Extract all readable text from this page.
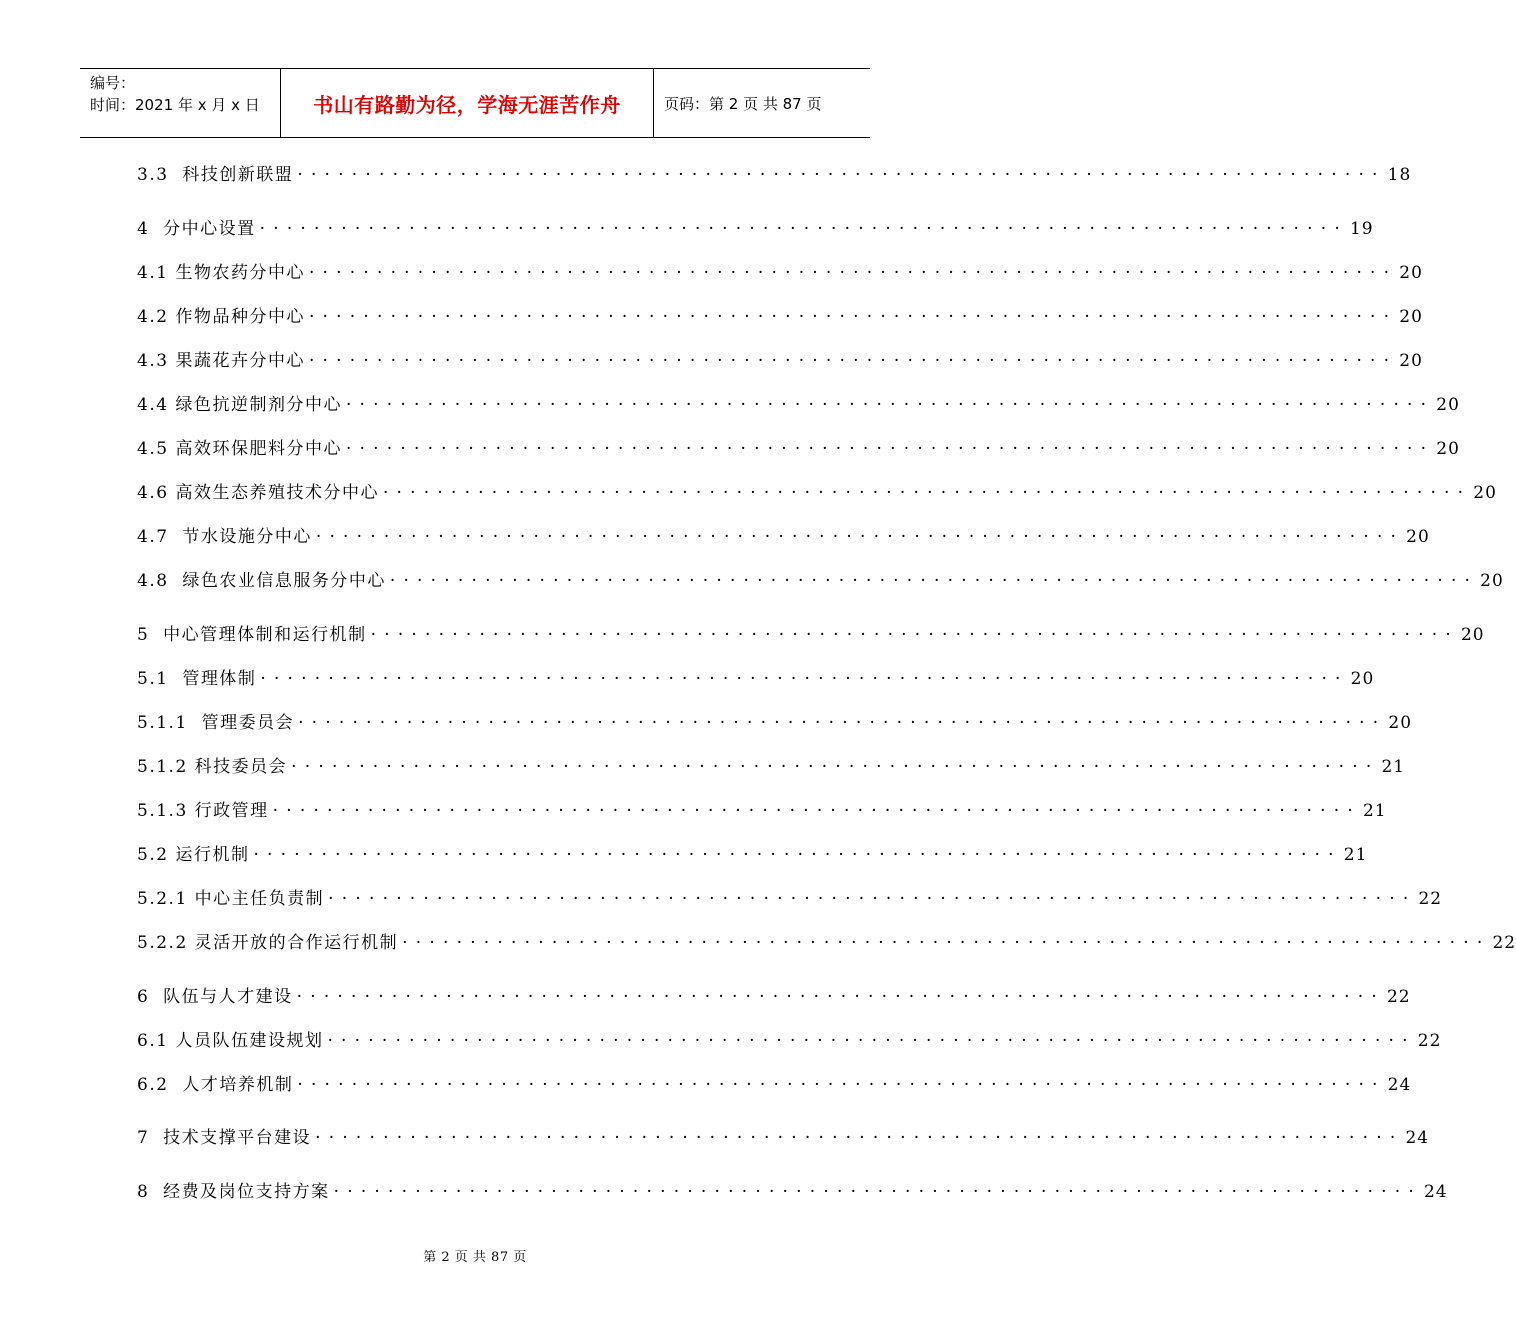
编号：
时间：2021 年 x 月 x 日	书山有路勤为径，学海无涯苦作舟	页码：第 2 页 共 87 页
3.3  科技创新联盟 ················································································ 18
4  分中心设置 ················································································ 19
4.1 生物农药分中心 ················································································ 20
4.2 作物品种分中心 ················································································ 20
4.3 果蔬花卉分中心 ················································································ 20
4.4 绿色抗逆制剂分中心 ················································································ 20
4.5 高效环保肥料分中心 ················································································ 20
4.6 高效生态养殖技术分中心 ················································································ 20
4.7  节水设施分中心 ················································································ 20
4.8  绿色农业信息服务分中心 ················································································ 20
5  中心管理体制和运行机制 ················································································ 20
5.1  管理体制 ················································································ 20
5.1.1  管理委员会 ················································································ 20
5.1.2 科技委员会 ················································································ 21
5.1.3 行政管理 ················································································ 21
5.2 运行机制 ················································································ 21
5.2.1 中心主任负责制 ················································································ 22
5.2.2 灵活开放的合作运行机制 ················································································ 22
6  队伍与人才建设 ················································································ 22
6.1 人员队伍建设规划 ················································································ 22
6.2  人才培养机制 ················································································ 24
7  技术支撑平台建设 ················································································ 24
8  经费及岗位支持方案 ················································································ 24
第 2 页 共 87 页
